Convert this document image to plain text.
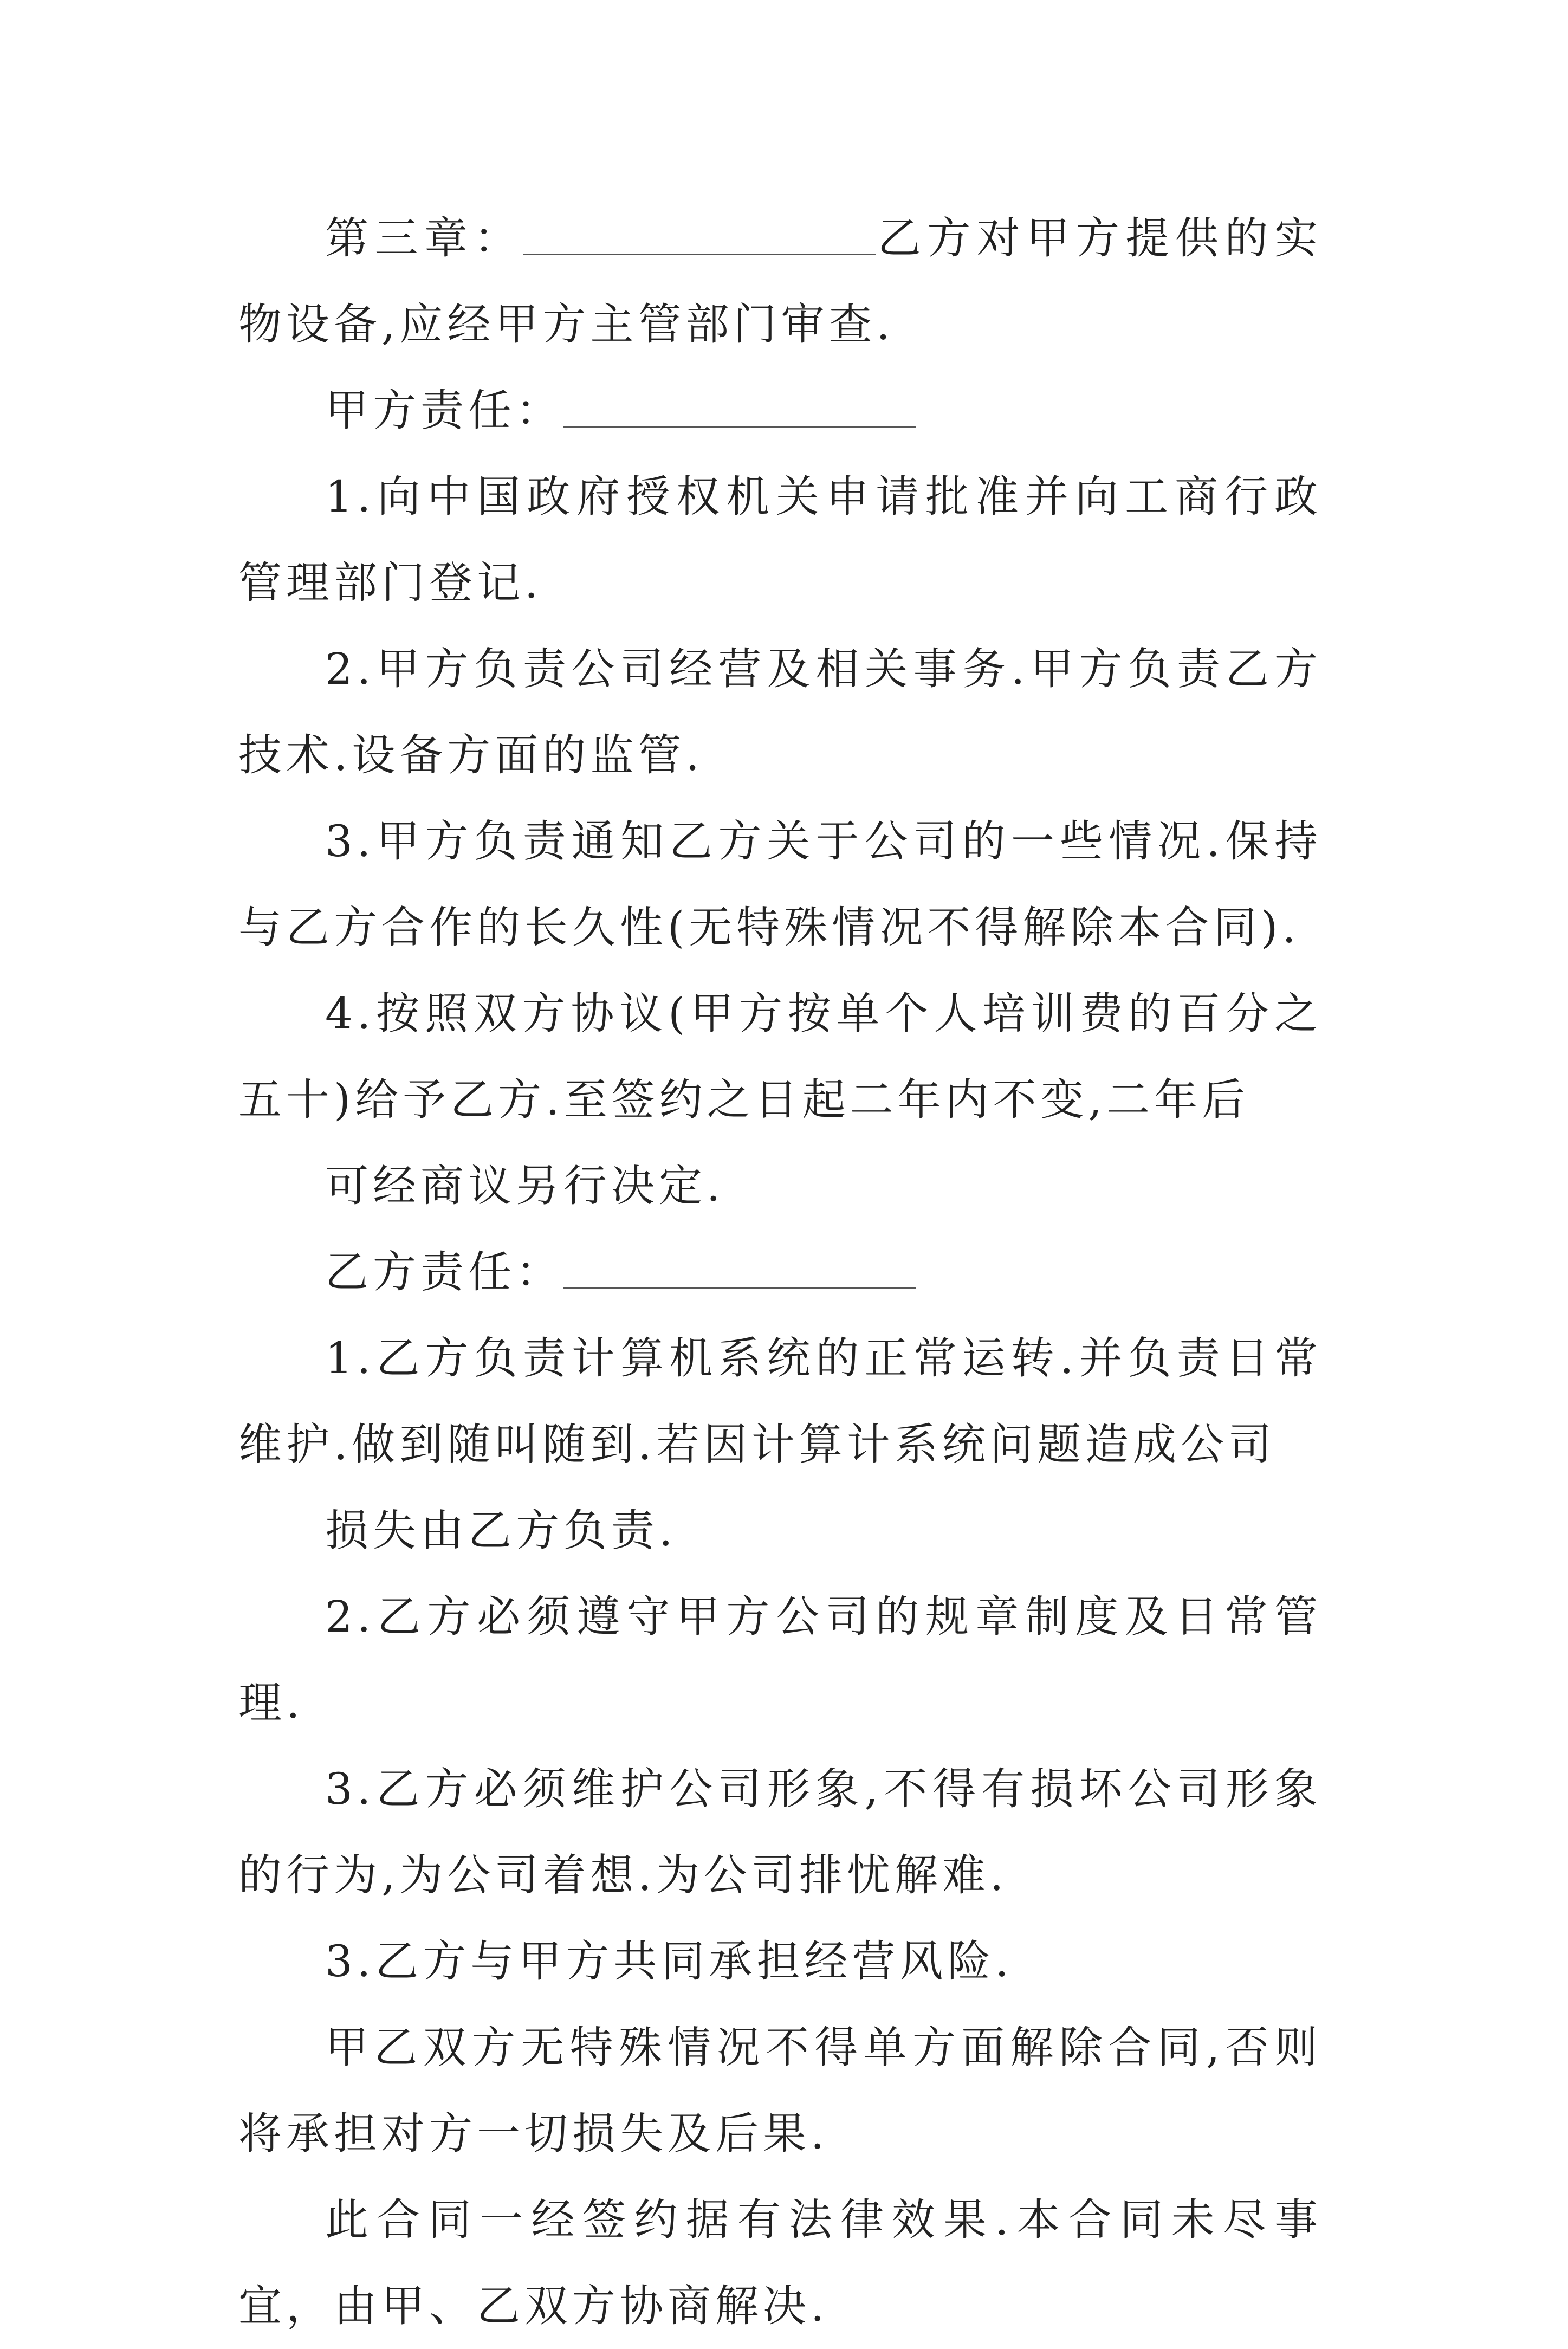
第三章：	乙方对甲方提供的实物设备,应经甲方主管部门审查.

甲方责任：

1.向中国政府授权机关申请批准并向工商行政管理部门登记.

2.甲方负责公司经营及相关事务.甲方负责乙方技术.设备方面的监管.

3.甲方负责通知乙方关于公司的一些情况.保持与乙方合作的长久性(无特殊情况不得解除本合同).

4.按照双方协议(甲方按单个人培训费的百分之五十)给予乙方.至签约之日起二年内不变,二年后

可经商议另行决定.

乙方责任：

1.乙方负责计算机系统的正常运转.并负责日常维护.做到随叫随到.若因计算计系统问题造成公司

损失由乙方负责.

2.乙方必须遵守甲方公司的规章制度及日常管理.

3.乙方必须维护公司形象,不得有损坏公司形象的行为,为公司着想.为公司排忧解难.

3.乙方与甲方共同承担经营风险.

甲乙双方无特殊情况不得单方面解除合同,否则将承担对方一切损失及后果.

此合同一经签约据有法律效果.本合同未尽事宜，由甲、乙双方协商解决.
